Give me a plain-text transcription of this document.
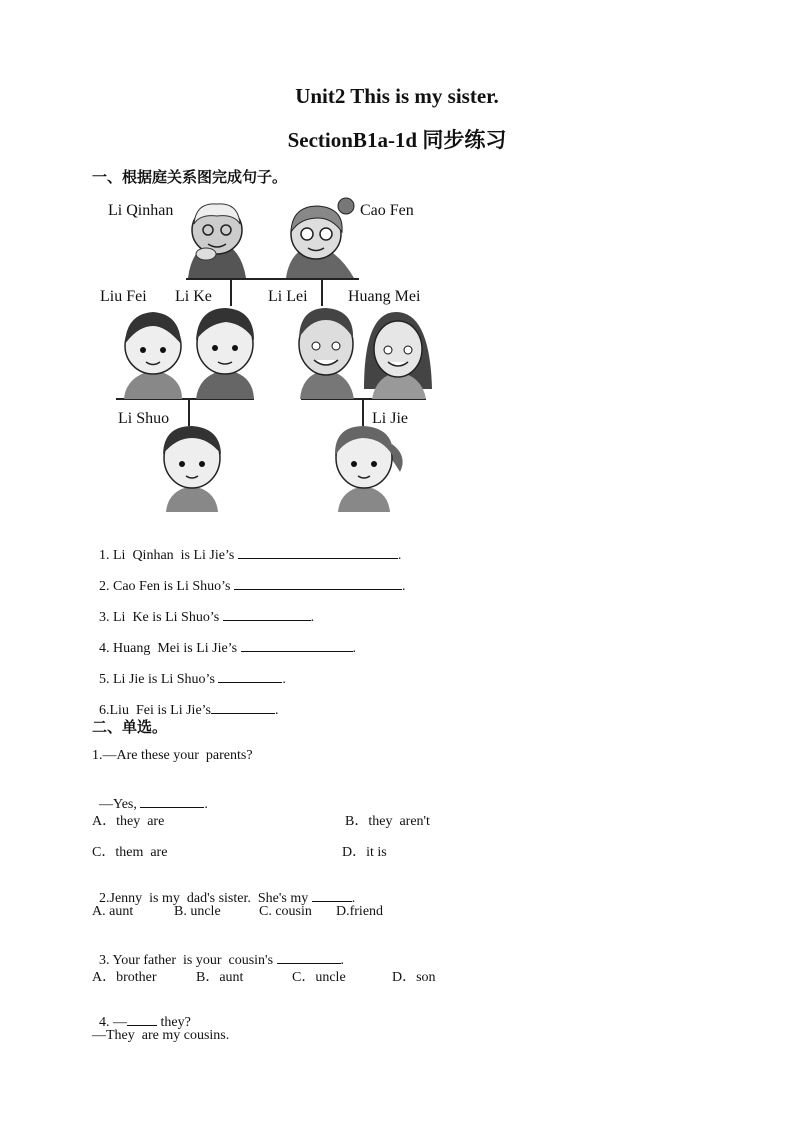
Unit2 This is my sister.
SectionB1a-1d 同步练习
一、根据庭关系图完成句子。
Li Qinhan	Cao Fen
Liu Fei Li Ke	Li Lei	Huang Mei
Li Shuo	Li Jie

1. Li  Qinhan  is Li Jie’s	.

2. Cao Fen is Li Shuo’s	.

3. Li  Ke is Li Shuo’s	.

4. Huang  Mei is Li Jie’s	.

5. Li Jie is Li Shuo’s	.

6.Liu  Fei is Li Jie’s	.

二、单选。
1.—Are these your  parents?

—Yes,	.

A．they  are	B．they  aren't
C．them  are	D．it is

2.Jenny  is my  dad's sister.  She's my	.

A. aunt	B. uncle	C. cousin D.friend

3. Your father  is your  cousin's	.

A．brother	B．aunt	C．uncle	D．son

4. — they?

—They  are my cousins.
